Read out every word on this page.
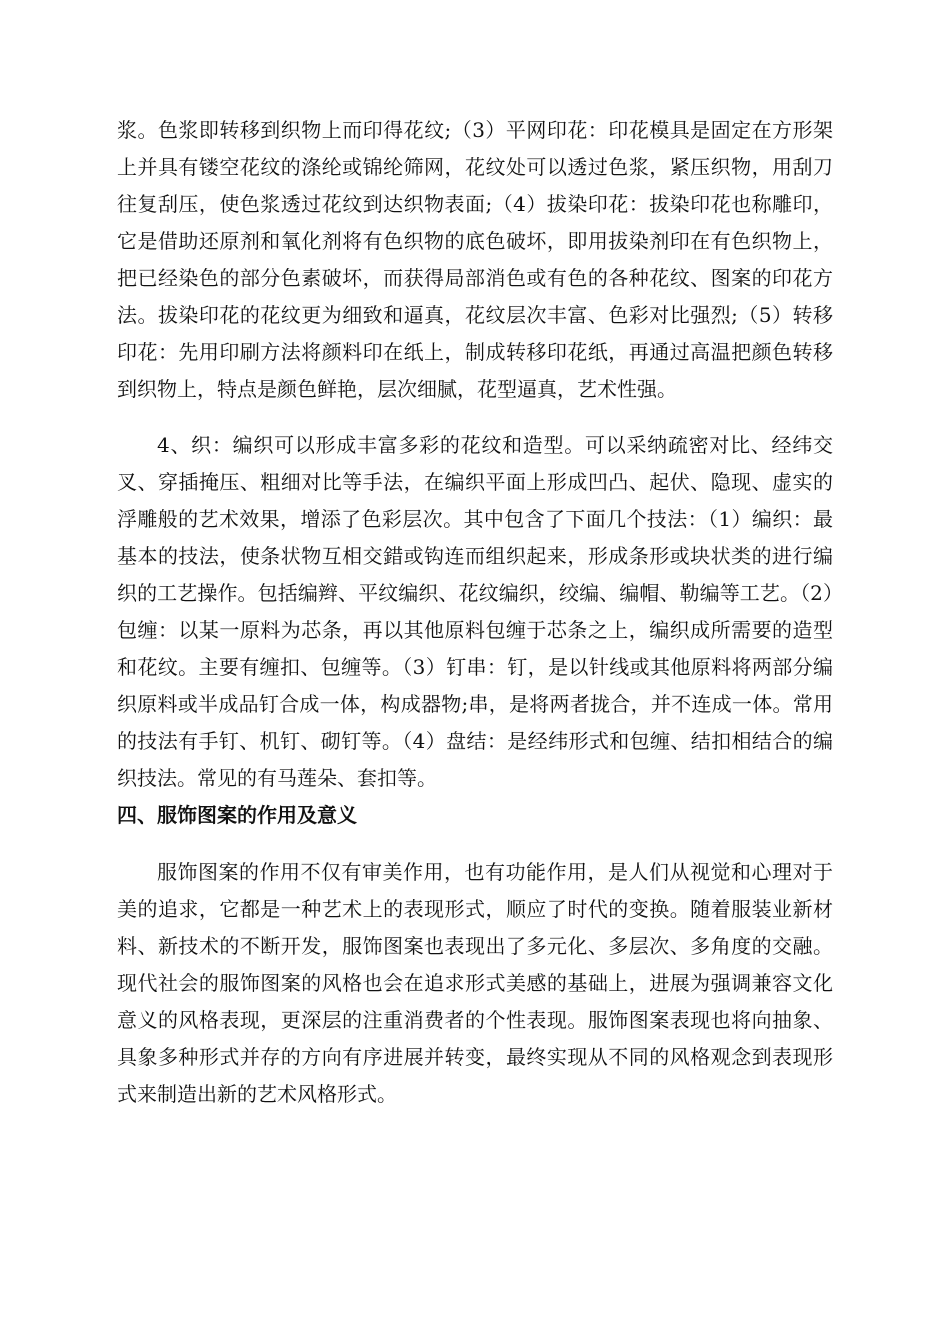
浆。色浆即转移到织物上而印得花纹;（3）平网印花：印花模具是固定在方形架上并具有镂空花纹的涤纶或锦纶筛网，花纹处可以透过色浆，紧压织物，用刮刀往复刮压，使色浆透过花纹到达织物表面;（4）拔染印花：拔染印花也称雕印，它是借助还原剂和氧化剂将有色织物的底色破坏，即用拔染剂印在有色织物上，把已经染色的部分色素破坏，而获得局部消色或有色的各种花纹、图案的印花方法。拔染印花的花纹更为细致和逼真，花纹层次丰富、色彩对比强烈;（5）转移印花：先用印刷方法将颜料印在纸上，制成转移印花纸，再通过高温把颜色转移到织物上，特点是颜色鲜艳，层次细腻，花型逼真，艺术性强。

4、织：编织可以形成丰富多彩的花纹和造型。可以采纳疏密对比、经纬交叉、穿插掩压、粗细对比等手法，在编织平面上形成凹凸、起伏、隐现、虚实的浮雕般的艺术效果，增添了色彩层次。其中包含了下面几个技法：（1）编织：最基本的技法，使条状物互相交錯或钩连而组织起来，形成条形或块状类的进行编织的工艺操作。包括编辫、平纹编织、花纹编织，绞编、编帽、勒编等工艺。（2）包缠：以某一原料为芯条，再以其他原料包缠于芯条之上，编织成所需要的造型和花纹。主要有缠扣、包缠等。（3）钉串：钉，是以针线或其他原料将两部分编织原料或半成品钉合成一体，构成器物;串，是将两者拢合，并不连成一体。常用的技法有手钉、机钉、砌钉等。（4）盘结：是经纬形式和包缠、结扣相结合的编织技法。常见的有马莲朵、套扣等。

四、服饰图案的作用及意义

服饰图案的作用不仅有审美作用，也有功能作用，是人们从视觉和心理对于美的追求，它都是一种艺术上的表现形式，顺应了时代的变换。随着服装业新材料、新技术的不断开发，服饰图案也表现出了多元化、多层次、多角度的交融。现代社会的服饰图案的风格也会在追求形式美感的基础上，进展为强调兼容文化意义的风格表现，更深层的注重消费者的个性表现。服饰图案表现也将向抽象、具象多种形式并存的方向有序进展并转变，最终实现从不同的风格观念到表现形式来制造出新的艺术风格形式。
